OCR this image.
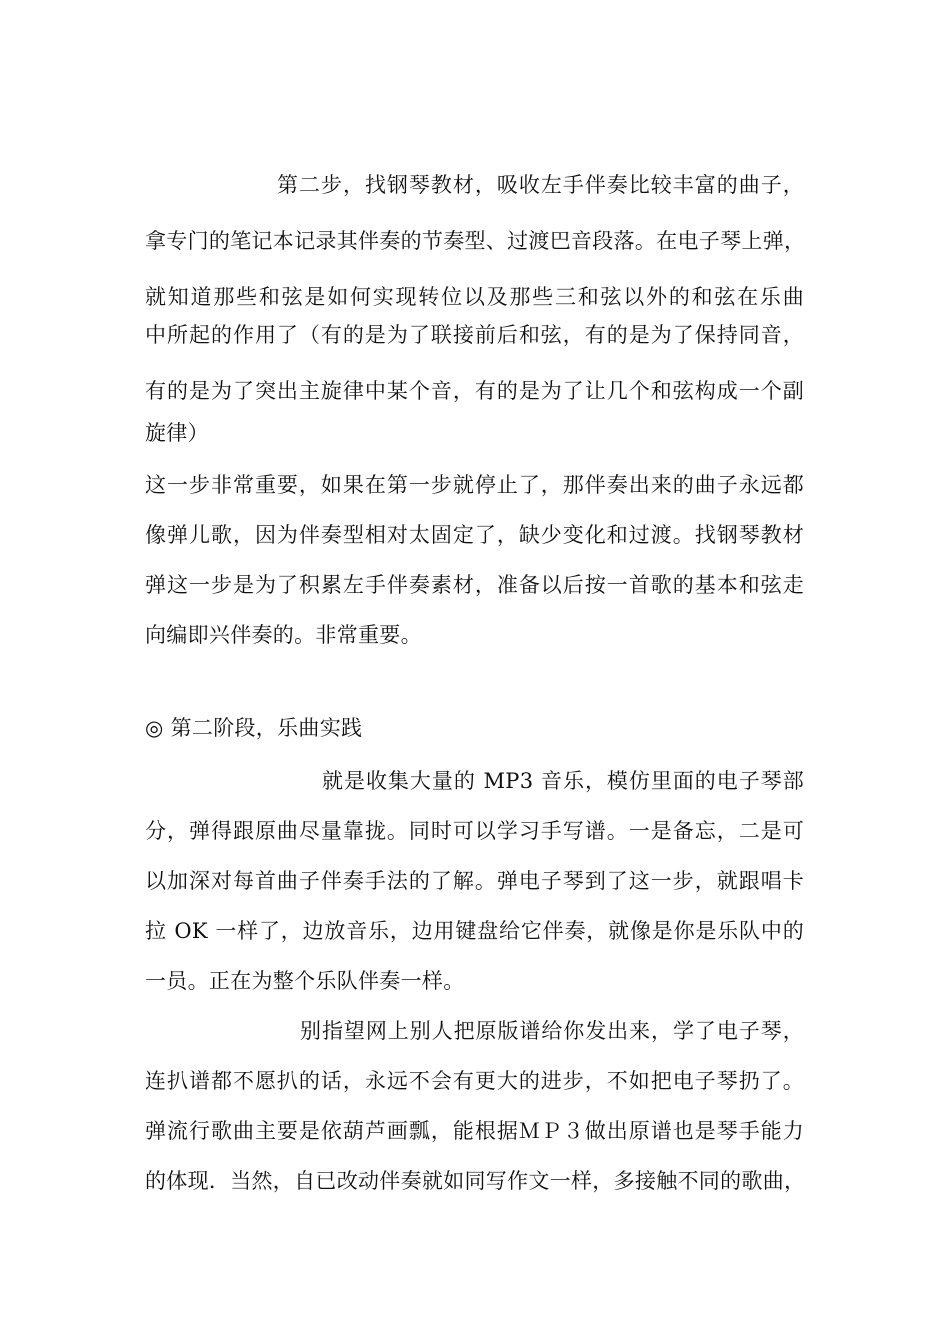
第二步，找钢琴教材，吸收左手伴奏比较丰富的曲子，
拿专门的笔记本记录其伴奏的节奏型、过渡巴音段落。在电子琴上弹，
就知道那些和弦是如何实现转位以及那些三和弦以外的和弦在乐曲
中所起的作用了（有的是为了联接前后和弦，有的是为了保持同音，
有的是为了突出主旋律中某个音，有的是为了让几个和弦构成一个副
旋律）
这一步非常重要，如果在第一步就停止了，那伴奏出来的曲子永远都
像弹儿歌，因为伴奏型相对太固定了，缺少变化和过渡。找钢琴教材
弹这一步是为了积累左手伴奏素材，准备以后按一首歌的基本和弦走
向编即兴伴奏的。非常重要。
◎ 第二阶段，乐曲实践
就是收集大量的 MP3 音乐，模仿里面的电子琴部
分，弹得跟原曲尽量靠拢。同时可以学习手写谱。一是备忘，二是可
以加深对每首曲子伴奏手法的了解。弹电子琴到了这一步，就跟唱卡
拉 OK 一样了，边放音乐，边用键盘给它伴奏，就像是你是乐队中的
一员。正在为整个乐队伴奏一样。
别指望网上别人把原版谱给你发出来，学了电子琴，
连扒谱都不愿扒的话，永远不会有更大的进步，不如把电子琴扔了。
弹流行歌曲主要是依葫芦画瓢，能根据ＭＰ３做出原谱也是琴手能力
的体现．当然，自已改动伴奏就如同写作文一样，多接触不同的歌曲，
